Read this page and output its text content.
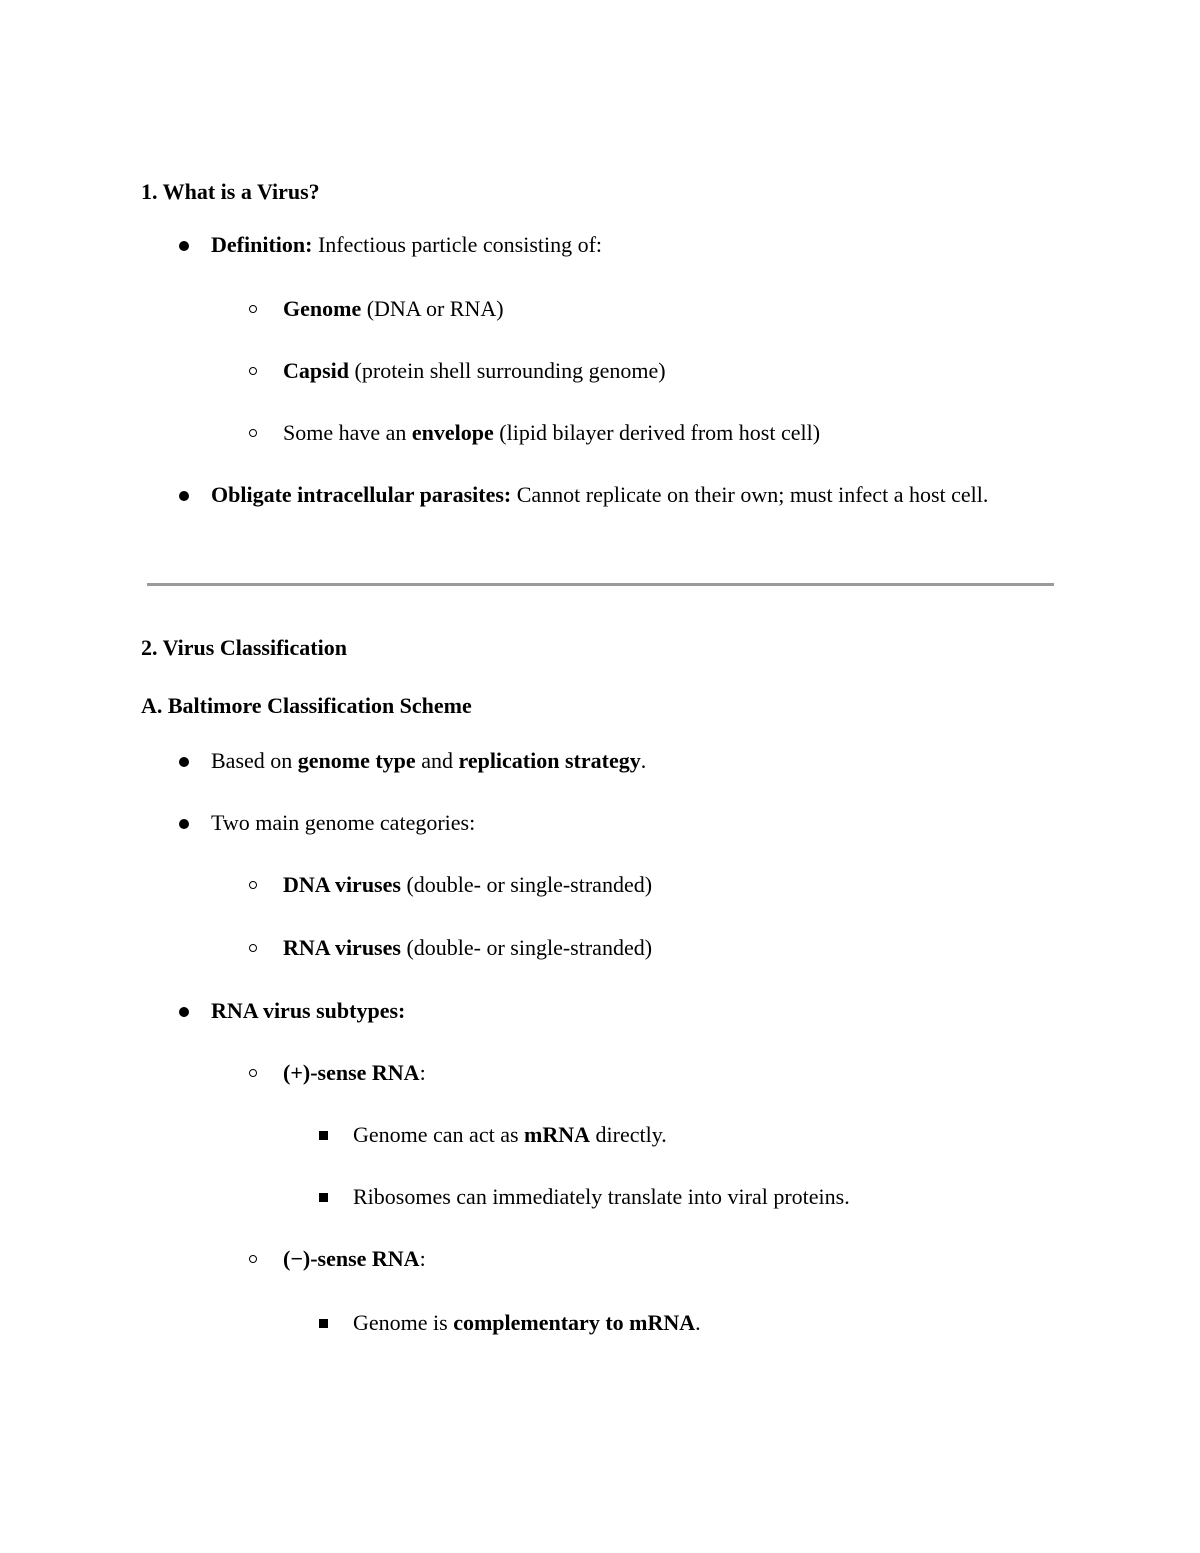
1. What is a Virus?
Definition: Infectious particle consisting of:
Genome (DNA or RNA)
Capsid (protein shell surrounding genome)
Some have an envelope (lipid bilayer derived from host cell)
Obligate intracellular parasites: Cannot replicate on their own; must infect a host cell.
2. Virus Classification
A. Baltimore Classification Scheme
Based on genome type and replication strategy.
Two main genome categories:
DNA viruses (double- or single-stranded)
RNA viruses (double- or single-stranded)
RNA virus subtypes:
(+)-sense RNA:
Genome can act as mRNA directly.
Ribosomes can immediately translate into viral proteins.
(−)-sense RNA:
Genome is complementary to mRNA.
